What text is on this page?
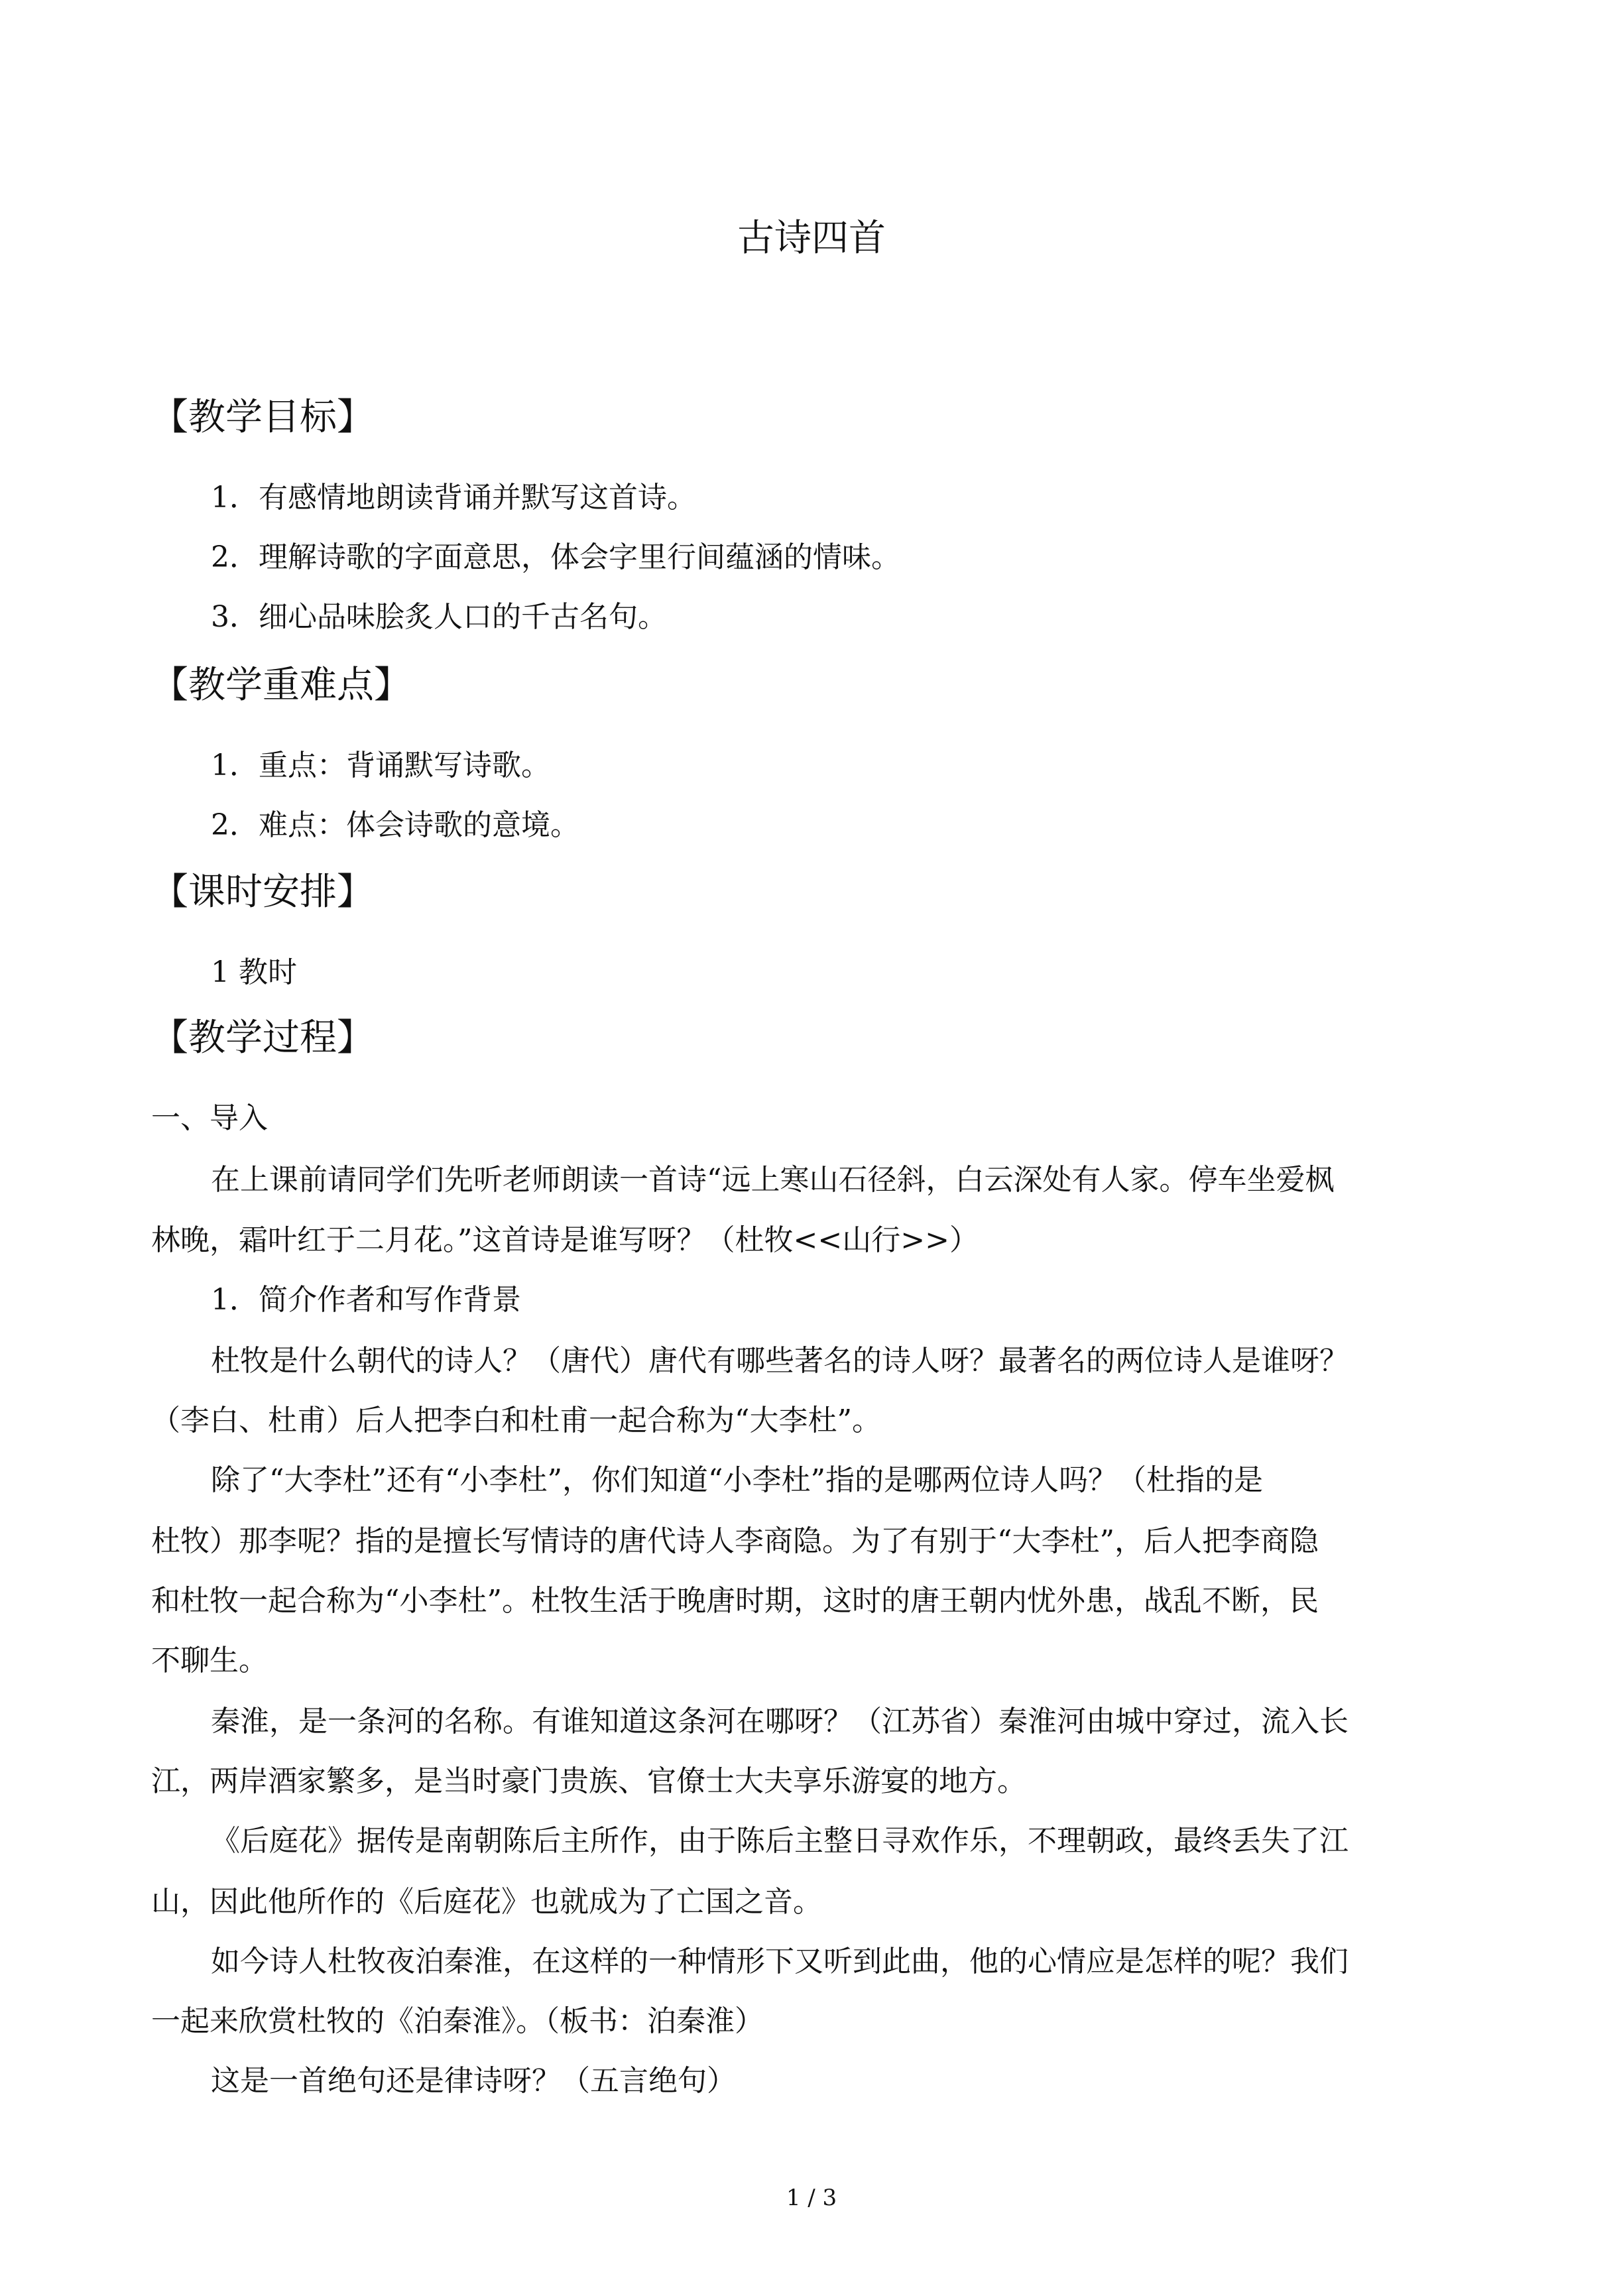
古诗四首
【教学目标】
1．有感情地朗读背诵并默写这首诗。
2．理解诗歌的字面意思，体会字里行间蕴涵的情味。
3．细心品味脍炙人口的千古名句。
【教学重难点】
1．重点：背诵默写诗歌。
2．难点：体会诗歌的意境。
【课时安排】
1 教时
【教学过程】
一、导入
在上课前请同学们先听老师朗读一首诗“远上寒山石径斜，白云深处有人家。停车坐爱枫
林晚，霜叶红于二月花。”这首诗是谁写呀？（杜牧<<山行>>）
1．简介作者和写作背景
杜牧是什么朝代的诗人？（唐代）唐代有哪些著名的诗人呀？最著名的两位诗人是谁呀？
（李白、杜甫）后人把李白和杜甫一起合称为“大李杜”。
除了“大李杜”还有“小李杜”，你们知道“小李杜”指的是哪两位诗人吗？（杜指的是
杜牧）那李呢？指的是擅长写情诗的唐代诗人李商隐。为了有别于“大李杜”，后人把李商隐
和杜牧一起合称为“小李杜”。杜牧生活于晚唐时期，这时的唐王朝内忧外患，战乱不断，民
不聊生。
秦淮，是一条河的名称。有谁知道这条河在哪呀？（江苏省）秦淮河由城中穿过，流入长
江，两岸酒家繁多，是当时豪门贵族、官僚士大夫享乐游宴的地方。
《后庭花》据传是南朝陈后主所作，由于陈后主整日寻欢作乐，不理朝政，最终丢失了江
山，因此他所作的《后庭花》也就成为了亡国之音。
如今诗人杜牧夜泊秦淮，在这样的一种情形下又听到此曲，他的心情应是怎样的呢？我们
一起来欣赏杜牧的《泊秦淮》。（板书：泊秦淮）
这是一首绝句还是律诗呀？（五言绝句）
1 / 3
